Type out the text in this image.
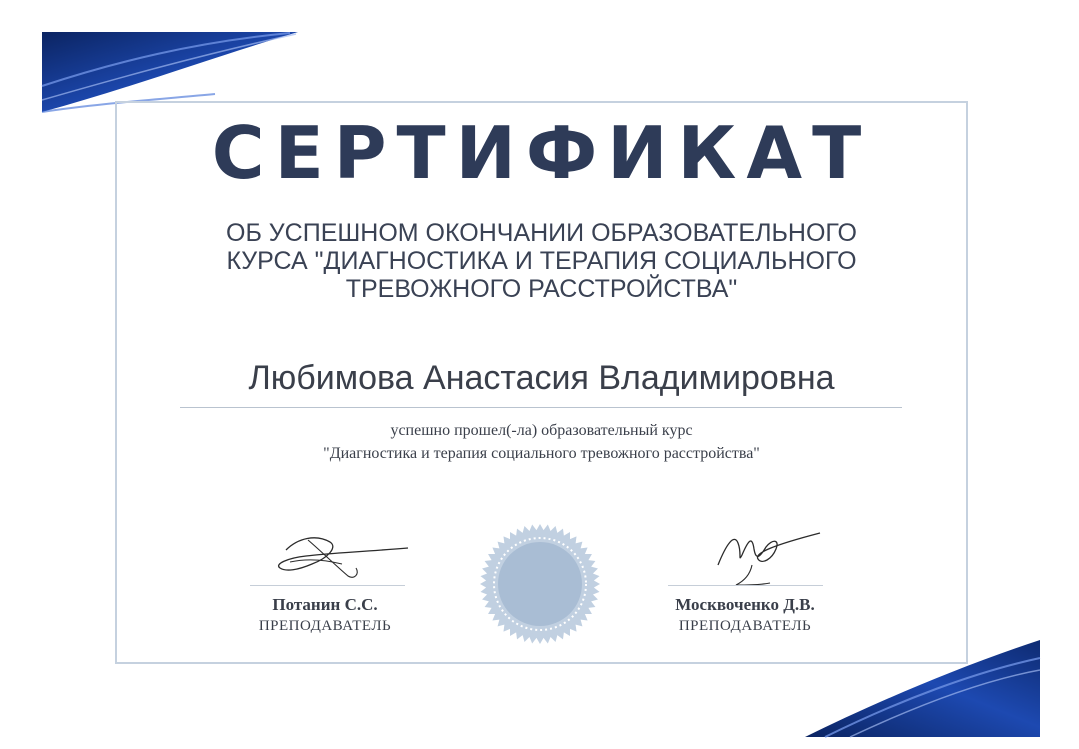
СЕРТИФИКАТ
ОБ УСПЕШНОМ ОКОНЧАНИИ ОБРАЗОВАТЕЛЬНОГО
КУРСА "ДИАГНОСТИКА И ТЕРАПИЯ СОЦИАЛЬНОГО
ТРЕВОЖНОГО РАССТРОЙСТВА"
Любимова Анастасия Владимировна
успешно прошел(-ла) образовательный курс
"Диагностика и терапия социального тревожного расстройства"
Потанин С.С.
ПРЕПОДАВАТЕЛЬ
Москвоченко Д.В.
ПРЕПОДАВАТЕЛЬ
